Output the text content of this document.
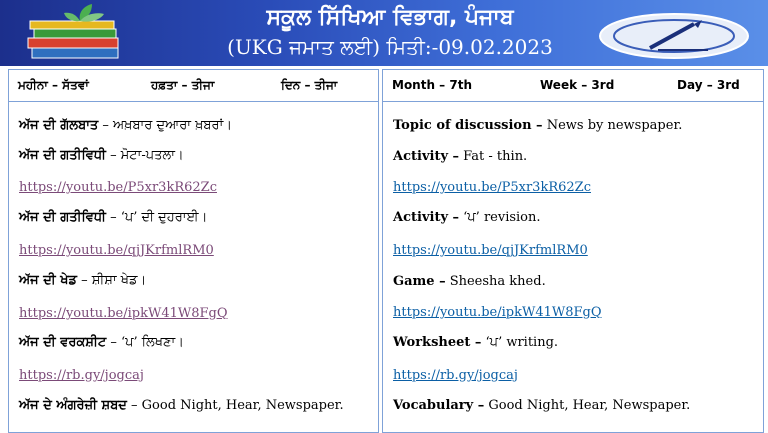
ਸਕੂਲ ਸਿੱਖਿਆ ਵਿਭਾਗ, ਪੰਜਾਬ
(UKG ਜਮਾਤ ਲਈ) ਮਿਤੀ:-09.02.2023
ਮਹੀਨਾ – ਸੱਤਵਾਂ	ਹਫ਼ਤਾ – ਤੀਜਾ	ਦਿਨ – ਤੀਜਾ
ਅੱਜ ਦੀ ਗੱਲਬਾਤ – ਅਖ਼ਬਾਰ ਦੁਆਰਾ ਖ਼ਬਰਾਂ।
ਅੱਜ ਦੀ ਗਤੀਵਿਧੀ – ਮੋਟਾ-ਪਤਲਾ।
https://youtu.be/P5xr3kR62Zc
ਅੱਜ ਦੀ ਗਤੀਵਿਧੀ – ‘ਪ’ ਦੀ ਦੁਹਰਾਈ।
https://youtu.be/qjJKrfmlRM0
ਅੱਜ ਦੀ ਖੇਡ – ਸ਼ੀਸ਼ਾ ਖੇਡ।
https://youtu.be/ipkW41W8FgQ
ਅੱਜ ਦੀ ਵਰਕਸ਼ੀਟ – ‘ਪ’ ਲਿਖਣਾ।
https://rb.gy/jogcaj
ਅੱਜ ਦੇ ਅੰਗਰੇਜ਼ੀ ਸ਼ਬਦ – Good Night, Hear, Newspaper.
Month – 7th	Week – 3rd	Day – 3rd
Topic of discussion – News by newspaper.
Activity – Fat - thin.
https://youtu.be/P5xr3kR62Zc
Activity – ‘ਪ’ revision.
https://youtu.be/qjJKrfmlRM0
Game – Sheesha khed.
https://youtu.be/ipkW41W8FgQ
Worksheet – ‘ਪ’ writing.
https://rb.gy/jogcaj
Vocabulary – Good Night, Hear, Newspaper.
